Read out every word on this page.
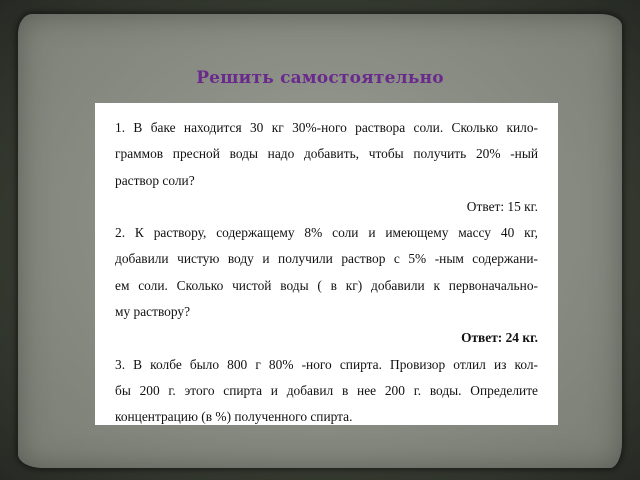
Решить самостоятельно
1. В баке находится 30 кг 30%-ного раствора соли. Сколько кило-
граммов пресной воды надо добавить, чтобы получить 20% -ный
раствор соли?
Ответ: 15 кг.
2. К раствору, содержащему 8% соли и имеющему массу 40 кг,
добавили чистую воду и получили раствор с 5% -ным содержани-
ем соли. Сколько чистой воды ( в кг) добавили к первоначально-
му раствору?
Ответ: 24 кг.
3. В колбе было 800 г 80% -ного спирта. Провизор отлил из кол-
бы 200 г. этого спирта и добавил в нее 200 г. воды. Определите
концентрацию (в %) полученного спирта.
